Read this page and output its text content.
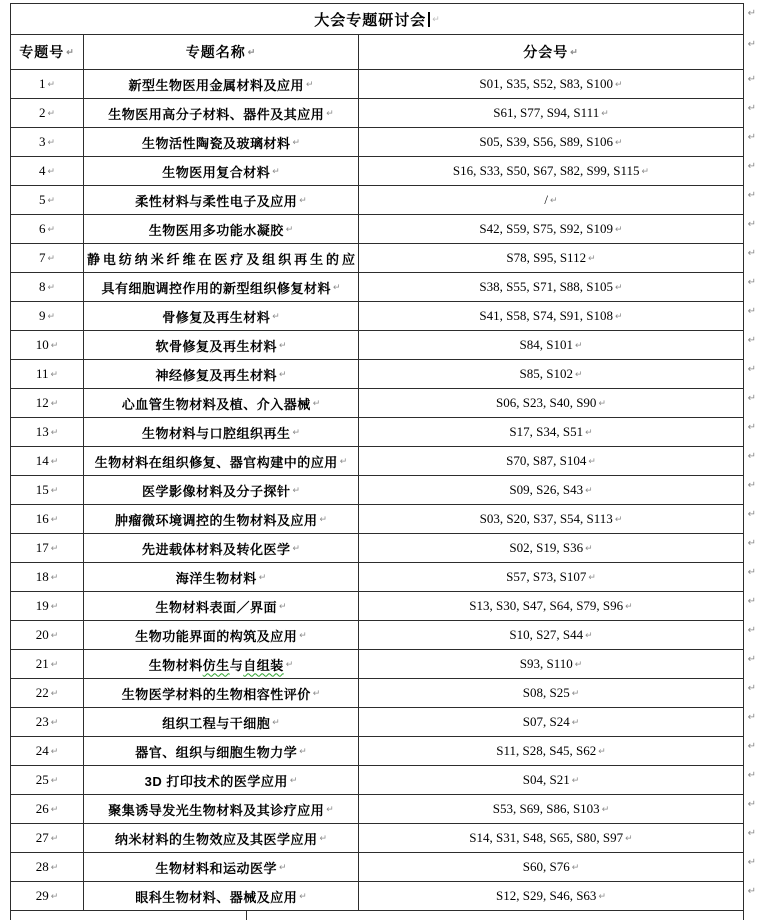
大会专题研讨会 ↵	↵
专题号 ↵	专题名称 ↵	分会号 ↵
↵
1 ↵	新型生物医用金属材料及应用 ↵	S01, S35, S52, S83, S100 ↵	↵
2 ↵	生物医用高分子材料、器件及其应用 ↵	S61, S77, S94, S111 ↵	↵
3 ↵	生物活性陶瓷及玻璃材料 ↵	S05, S39, S56, S89, S106 ↵	↵
4 ↵	生物医用复合材料 ↵	S16, S33, S50, S67, S82, S99, S115 ↵	↵
5 ↵	柔性材料与柔性电子及应用 ↵	/ ↵	↵
6 ↵	生物医用多功能水凝胶 ↵	S42, S59, S75, S92, S109 ↵	↵
7 ↵ 静电纺纳米纤维在医疗及组织再生的应	S78, S95, S112 ↵	↵
8 ↵	具有细胞调控作用的新型组织修复材料 ↵	S38, S55, S71, S88, S105 ↵	↵
9 ↵	骨修复及再生材料 ↵	S41, S58, S74, S91, S108 ↵	↵
10 ↵	软骨修复及再生材料 ↵	S84, S101 ↵	↵
11 ↵	神经修复及再生材料 ↵	S85, S102 ↵	↵
12 ↵	心血管生物材料及植、介入器械 ↵	S06, S23, S40, S90 ↵	↵
13 ↵	生物材料与口腔组织再生 ↵	S17, S34, S51 ↵	↵
14 ↵	生物材料在组织修复、器官构建中的应用 ↵	S70, S87, S104 ↵	↵
15 ↵	医学影像材料及分子探针 ↵	S09, S26, S43 ↵	↵
16 ↵	肿瘤微环境调控的生物材料及应用 ↵	S03, S20, S37, S54, S113 ↵	↵
17 ↵	先进载体材料及转化医学 ↵	S02, S19, S36 ↵	↵
18 ↵	海洋生物材料 ↵	S57, S73, S107 ↵	↵
19 ↵	生物材料表面／界面 ↵	S13, S30, S47, S64, S79, S96 ↵	↵
20 ↵	生物功能界面的构筑及应用 ↵	S10, S27, S44 ↵	↵
21 ↵	生物材料仿生与自组装 ↵	S93, S110 ↵	↵
22 ↵	生物医学材料的生物相容性评价 ↵	S08, S25 ↵	↵
23 ↵	组织工程与干细胞 ↵	S07, S24 ↵	↵
24 ↵	器官、组织与细胞生物力学 ↵	S11, S28, S45, S62 ↵	↵
25 ↵	3D 打印技术的医学应用 ↵	S04, S21 ↵	↵
26 ↵	聚集诱导发光生物材料及其诊疗应用 ↵	S53, S69, S86, S103 ↵	↵
27 ↵	纳米材料的生物效应及其医学应用 ↵	S14, S31, S48, S65, S80, S97 ↵	↵
28 ↵	生物材料和运动医学 ↵	S60, S76 ↵	↵
29 ↵	眼科生物材料、器械及应用 ↵	S12, S29, S46, S63 ↵	↵
